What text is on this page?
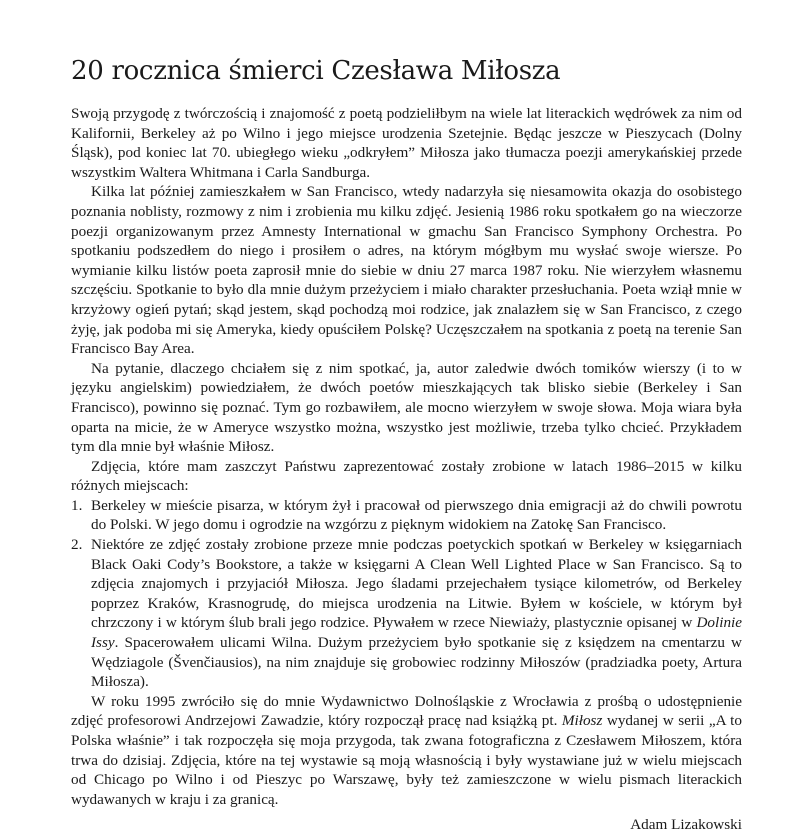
20 rocznica śmierci Czesława Miłosza

Swoją przygodę z twórczością i znajomość z poetą podzieliłbym na wiele lat literackich wędrówek za nim od Kalifornii, Berkeley aż po Wilno i jego miejsce urodzenia Szetejnie. Będąc jeszcze w Pieszycach (Dolny Śląsk), pod koniec lat 70. ubiegłego wieku „odkryłem” Miłosza jako tłumacza poezji amerykańskiej przede wszystkim Waltera Whitmana i Carla Sandburga.

Kilka lat później zamieszkałem w San Francisco, wtedy nadarzyła się niesamowita okazja do osobistego poznania noblisty, rozmowy z nim i zrobienia mu kilku zdjęć. Jesienią 1986 roku spotkałem go na wieczorze poezji organizowanym przez Amnesty International w gmachu San Francisco Symphony Orchestra. Po spotkaniu podszedłem do niego i prosiłem o adres, na którym mógłbym mu wysłać swoje wiersze. Po wymianie kilku listów poeta zaprosił mnie do siebie w dniu 27 marca 1987 roku. Nie wierzyłem własnemu szczęściu. Spotkanie to było dla mnie dużym przeżyciem i miało charakter przesłuchania. Poeta wziął mnie w krzyżowy ogień pytań; skąd jestem, skąd pochodzą moi rodzice, jak znalazłem się w San Francisco, z czego żyję, jak podoba mi się Ameryka, kiedy opuściłem Polskę? Uczęszczałem na spotkania z poetą na terenie San Francisco Bay Area.

Na pytanie, dlaczego chciałem się z nim spotkać, ja, autor zaledwie dwóch tomików wierszy (i to w języku angielskim) powiedziałem, że dwóch poetów mieszkających tak blisko siebie (Berkeley i San Francisco), powinno się poznać. Tym go rozbawiłem, ale mocno wierzyłem w swoje słowa. Moja wiara była oparta na micie, że w Ameryce wszystko można, wszystko jest możliwie, trzeba tylko chcieć. Przykładem tym dla mnie był właśnie Miłosz.

Zdjęcia, które mam zaszczyt Państwu zaprezentować zostały zrobione w latach 1986–2015 w kilku różnych miejscach:

1. Berkeley w mieście pisarza, w którym żył i pracował od pierwszego dnia emigracji aż do chwili powrotu do Polski. W jego domu i ogrodzie na wzgórzu z pięknym widokiem na Zatokę San Francisco.
2. Niektóre ze zdjęć zostały zrobione przeze mnie podczas poetyckich spotkań w Berkeley w księgarniach Black Oaki Cody’s Bookstore, a także w księgarni A Clean Well Lighted Place w San Francisco. Są to zdjęcia znajomych i przyjaciół Miłosza. Jego śladami przejechałem tysiące kilometrów, od Berkeley poprzez Kraków, Krasnogrudę, do miejsca urodzenia na Litwie. Byłem w kościele, w którym był chrzczony i w którym ślub brali jego rodzice. Pływałem w rzece Niewiaży, plastycznie opisanej w Dolinie Issy. Spacerowałem ulicami Wilna. Dużym przeżyciem było spotkanie się z księdzem na cmentarzu w Wędziagole (Švenčiausios), na nim znajduje się grobowiec rodzinny Miłoszów (pradziadka poety, Artura Miłosza).

W roku 1995 zwróciło się do mnie Wydawnictwo Dolnośląskie z Wrocławia z prośbą o udostępnienie zdjęć profesorowi Andrzejowi Zawadzie, który rozpoczął pracę nad książką pt. Miłosz wydanej w serii „A to Polska właśnie” i tak rozpoczęła się moja przygoda, tak zwana fotograficzna z Czesławem Miłoszem, która trwa do dzisiaj. Zdjęcia, które na tej wystawie są moją własnością i były wystawiane już w wielu miejscach od Chicago po Wilno i od Pieszyc po Warszawę, były też zamieszczone w wielu pismach literackich wydawanych w kraju i za granicą.

Adam Lizakowski
